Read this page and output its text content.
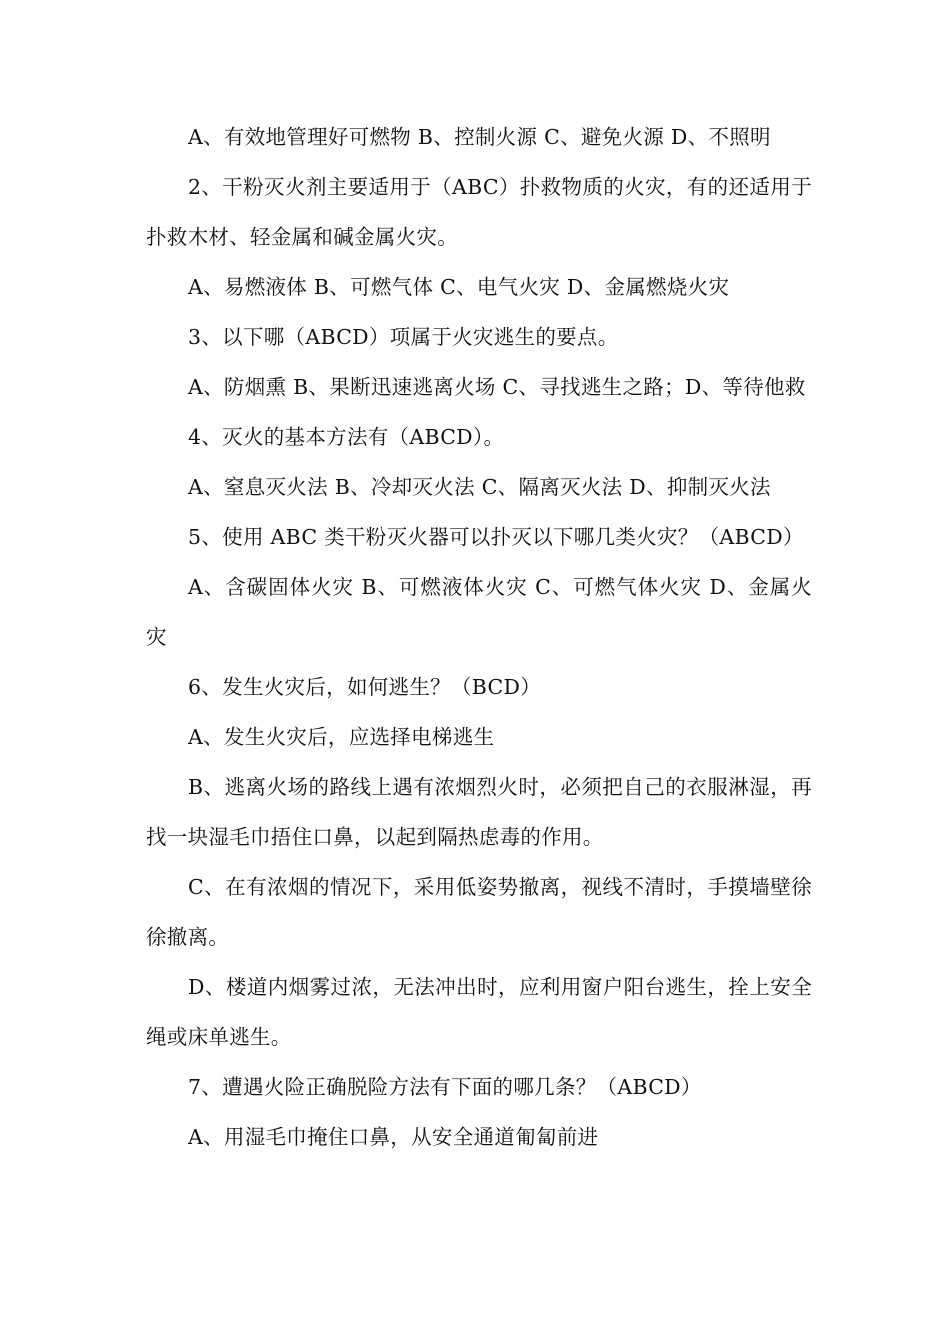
A、有效地管理好可燃物 B、控制火源 C、避免火源 D、不照明

2、干粉灭火剂主要适用于（ABC）扑救物质的火灾，有的还适用于扑救木材、轻金属和碱金属火灾。

A、易燃液体 B、可燃气体 C、电气火灾 D、金属燃烧火灾

3、以下哪（ABCD）项属于火灾逃生的要点。

A、防烟熏 B、果断迅速逃离火场 C、寻找逃生之路；D、等待他救

4、灭火的基本方法有（ABCD）。

A、窒息灭火法 B、冷却灭火法 C、隔离灭火法 D、抑制灭火法

5、使用 ABC 类干粉灭火器可以扑灭以下哪几类火灾？（ABCD）

A、含碳固体火灾 B、可燃液体火灾 C、可燃气体火灾 D、金属火灾

6、发生火灾后，如何逃生？（BCD）

A、发生火灾后，应选择电梯逃生

B、逃离火场的路线上遇有浓烟烈火时，必须把自己的衣服淋湿，再找一块湿毛巾捂住口鼻，以起到隔热虑毒的作用。

C、在有浓烟的情况下，采用低姿势撤离，视线不清时，手摸墙壁徐徐撤离。

D、楼道内烟雾过浓，无法冲出时，应利用窗户阳台逃生，拴上安全绳或床单逃生。

7、遭遇火险正确脱险方法有下面的哪几条？（ABCD）

A、用湿毛巾掩住口鼻，从安全通道匍匐前进
